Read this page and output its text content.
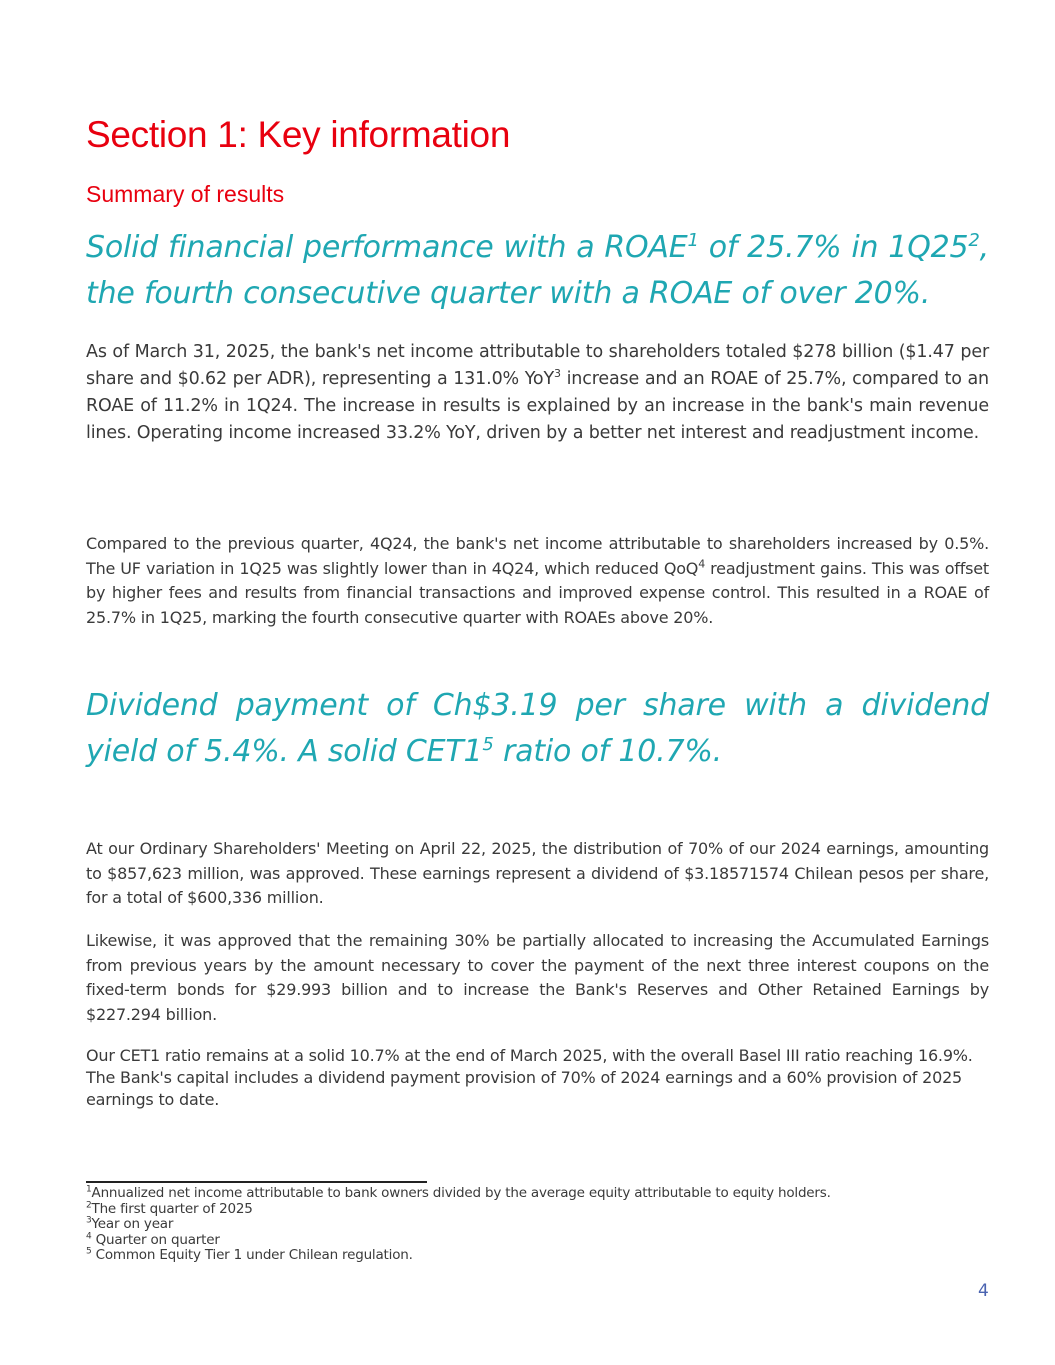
Section 1: Key information
Summary of results

Solid financial performance with a ROAE$^1$ of 25.7% in $1Q25^2$, the fourth consecutive quarter with a ROAE of over 20%.

As of March 31, 2025, the bank's net income attributable to shareholders totaled $278 billion ($1.47 per share and $0.62 per ADR), representing a 131.0% YoY$^3$ increase and an ROAE of 25.7%, compared to an ROAE of 11.2% in 1Q24. The increase in results is explained by an increase in the bank's main revenue lines. Operating income increased 33.2% YoY, driven by a better net interest and readjustment income.

Compared to the previous quarter, 4Q24, the bank's net income attributable to shareholders increased by 0.5%. The UF variation in 1Q25 was slightly lower than in 4Q24, which reduced QoQ$^4$ readjustment gains. This was offset by higher fees and results from financial transactions and improved expense control. This resulted in a ROAE of 25.7% in 1Q25, marking the fourth consecutive quarter with ROAEs above 20%.

Dividend payment of Ch$3.19 per share with a dividend yield of 5.4%. A solid $CET1^5$ ratio of 10.7%.

At our Ordinary Shareholders' Meeting on April 22, 2025, the distribution of 70% of our 2024 earnings, amounting to $857,623 million, was approved. These earnings represent a dividend of $3.18571574 Chilean pesos per share, for a total of $600,336 million.

Likewise, it was approved that the remaining 30% be partially allocated to increasing the Accumulated Earnings from previous years by the amount necessary to cover the payment of the next three interest coupons on the fixed-term bonds for $29.993 billion and to increase the Bank's Reserves and Other Retained Earnings by $227.294 billion.

Our CET1 ratio remains at a solid 10.7% at the end of March 2025, with the overall Basel III ratio reaching 16.9%. The Bank's capital includes a dividend payment provision of 70% of 2024 earnings and a 60% provision of 2025 earnings to date.

$^1$Annualized net income attributable to bank owners divided by the average equity attributable to equity holders.
$^2$The first quarter of 2025
$^3$Year on year
$^4$ Quarter on quarter
$^5$ Common Equity Tier 1 under Chilean regulation.
4
